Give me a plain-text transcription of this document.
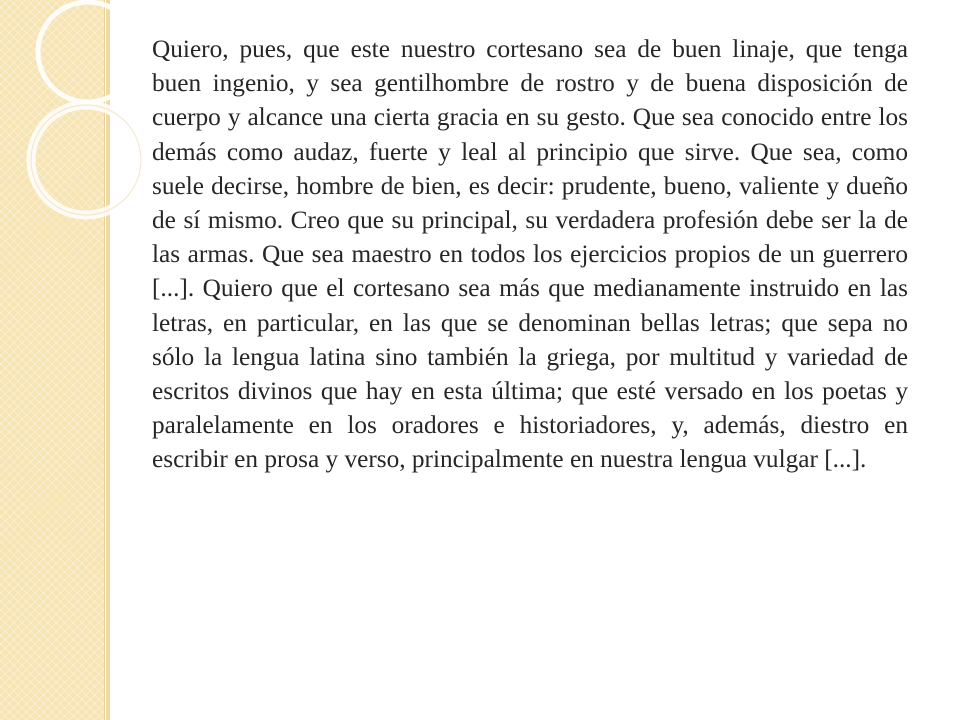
Quiero, pues, que este nuestro cortesano sea de buen linaje, que tenga buen ingenio, y sea gentilhombre de rostro y de buena disposición de cuerpo y alcance una cierta gracia en su gesto. Que sea conocido entre los demás como audaz, fuerte y leal al principio que sirve. Que sea, como suele decirse, hombre de bien, es decir: prudente, bueno, valiente y dueño de sí mismo. Creo que su principal, su verdadera profesión debe ser la de las armas. Que sea maestro en todos los ejercicios propios de un guerrero [...]. Quiero que el cortesano sea más que medianamente instruido en las letras, en particular, en las que se denominan bellas letras; que sepa no sólo la lengua latina sino también la griega, por multitud y variedad de escritos divinos que hay en esta última; que esté versado en los poetas y paralelamente en los oradores e historiadores, y, además, diestro en escribir en prosa y verso, principalmente en nuestra lengua vulgar [...].
